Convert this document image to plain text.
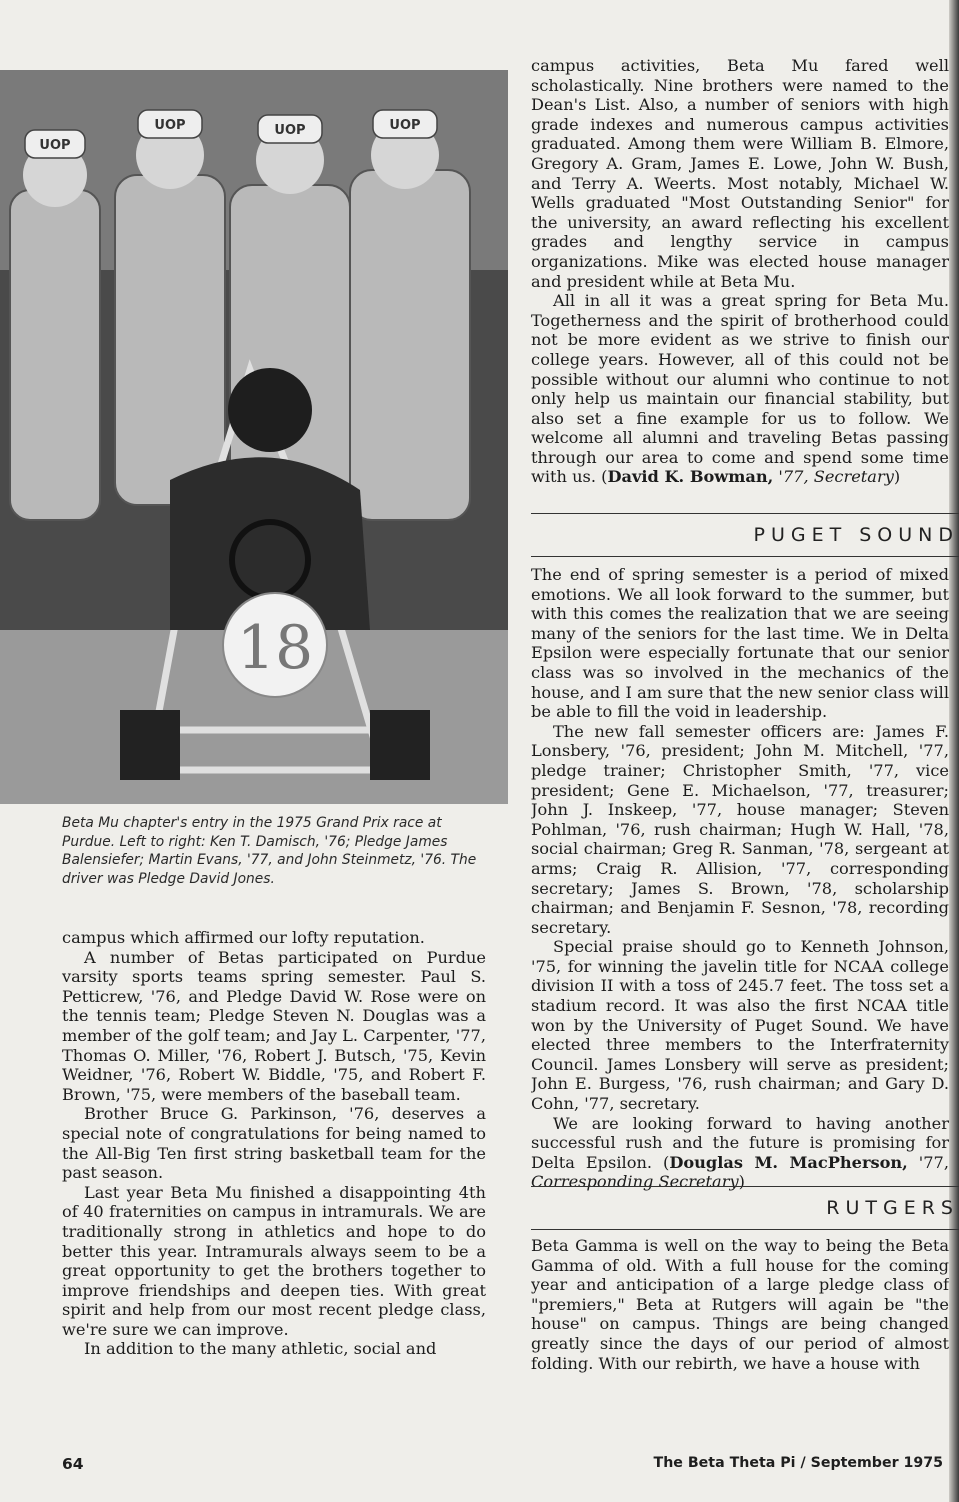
UOP
UOP	UOP	UOP
18
Beta Mu chapter's entry in the 1975 Grand Prix race at Purdue. Left to right: Ken T. Damisch, '76; Pledge James Balensiefer; Martin Evans, '77, and John Steinmetz, '76. The driver was Pledge David Jones.

campus which affirmed our lofty reputation.

A number of Betas participated on Purdue varsity sports teams spring semester. Paul S. Petticrew, '76, and Pledge David W. Rose were on the tennis team; Pledge Steven N. Douglas was a member of the golf team; and Jay L. Carpenter, '77, Thomas O. Miller, '76, Robert J. Butsch, '75, Kevin Weidner, '76, Robert W. Biddle, '75, and Robert F. Brown, '75, were members of the baseball team.

Brother Bruce G. Parkinson, '76, deserves a special note of congratulations for being named to the All-Big Ten first string basketball team for the past season.

Last year Beta Mu finished a disappointing 4th of 40 fraternities on campus in intramurals. We are traditionally strong in athletics and hope to do better this year. Intramurals always seem to be a great opportunity to get the brothers together to improve friendships and deepen ties. With great spirit and help from our most recent pledge class, we're sure we can improve.

In addition to the many athletic, social and

campus activities, Beta Mu fared well scholastically. Nine brothers were named to the Dean's List. Also, a number of seniors with high grade indexes and numerous campus activities graduated. Among them were William B. Elmore, Gregory A. Gram, James E. Lowe, John W. Bush, and Terry A. Weerts. Most notably, Michael W. Wells graduated "Most Outstanding Senior" for the university, an award reflecting his excellent grades and lengthy service in campus organizations. Mike was elected house manager and president while at Beta Mu.

All in all it was a great spring for Beta Mu. Togetherness and the spirit of brotherhood could not be more evident as we strive to finish our college years. However, all of this could not be possible without our alumni who continue to not only help us maintain our financial stability, but also set a fine example for us to follow. We welcome all alumni and traveling Betas passing through our area to come and spend some time with us. (David K. Bowman, '77, Secretary)

PUGET SOUND

The end of spring semester is a period of mixed emotions. We all look forward to the summer, but with this comes the realization that we are seeing many of the seniors for the last time. We in Delta Epsilon were especially fortunate that our senior class was so involved in the mechanics of the house, and I am sure that the new senior class will be able to fill the void in leadership.

The new fall semester officers are: James F. Lonsbery, '76, president; John M. Mitchell, '77, pledge trainer; Christopher Smith, '77, vice president; Gene E. Michaelson, '77, treasurer; John J. Inskeep, '77, house manager; Steven Pohlman, '76, rush chairman; Hugh W. Hall, '78, social chairman; Greg R. Sanman, '78, sergeant at arms; Craig R. Allision, '77, corresponding secretary; James S. Brown, '78, scholarship chairman; and Benjamin F. Sesnon, '78, recording secretary.

Special praise should go to Kenneth Johnson, '75, for winning the javelin title for NCAA college division II with a toss of 245.7 feet. The toss set a stadium record. It was also the first NCAA title won by the University of Puget Sound. We have elected three members to the Interfraternity Council. James Lonsbery will serve as president; John E. Burgess, '76, rush chairman; and Gary D. Cohn, '77, secretary.

We are looking forward to having another successful rush and the future is promising for Delta Epsilon. (Douglas M. MacPherson, '77, Corresponding Secretary)

RUTGERS

Beta Gamma is well on the way to being the Beta Gamma of old. With a full house for the coming year and anticipation of a large pledge class of "premiers," Beta at Rutgers will again be "the house" on campus. Things are being changed greatly since the days of our period of almost folding. With our rebirth, we have a house with

64	The Beta Theta Pi / September 1975
